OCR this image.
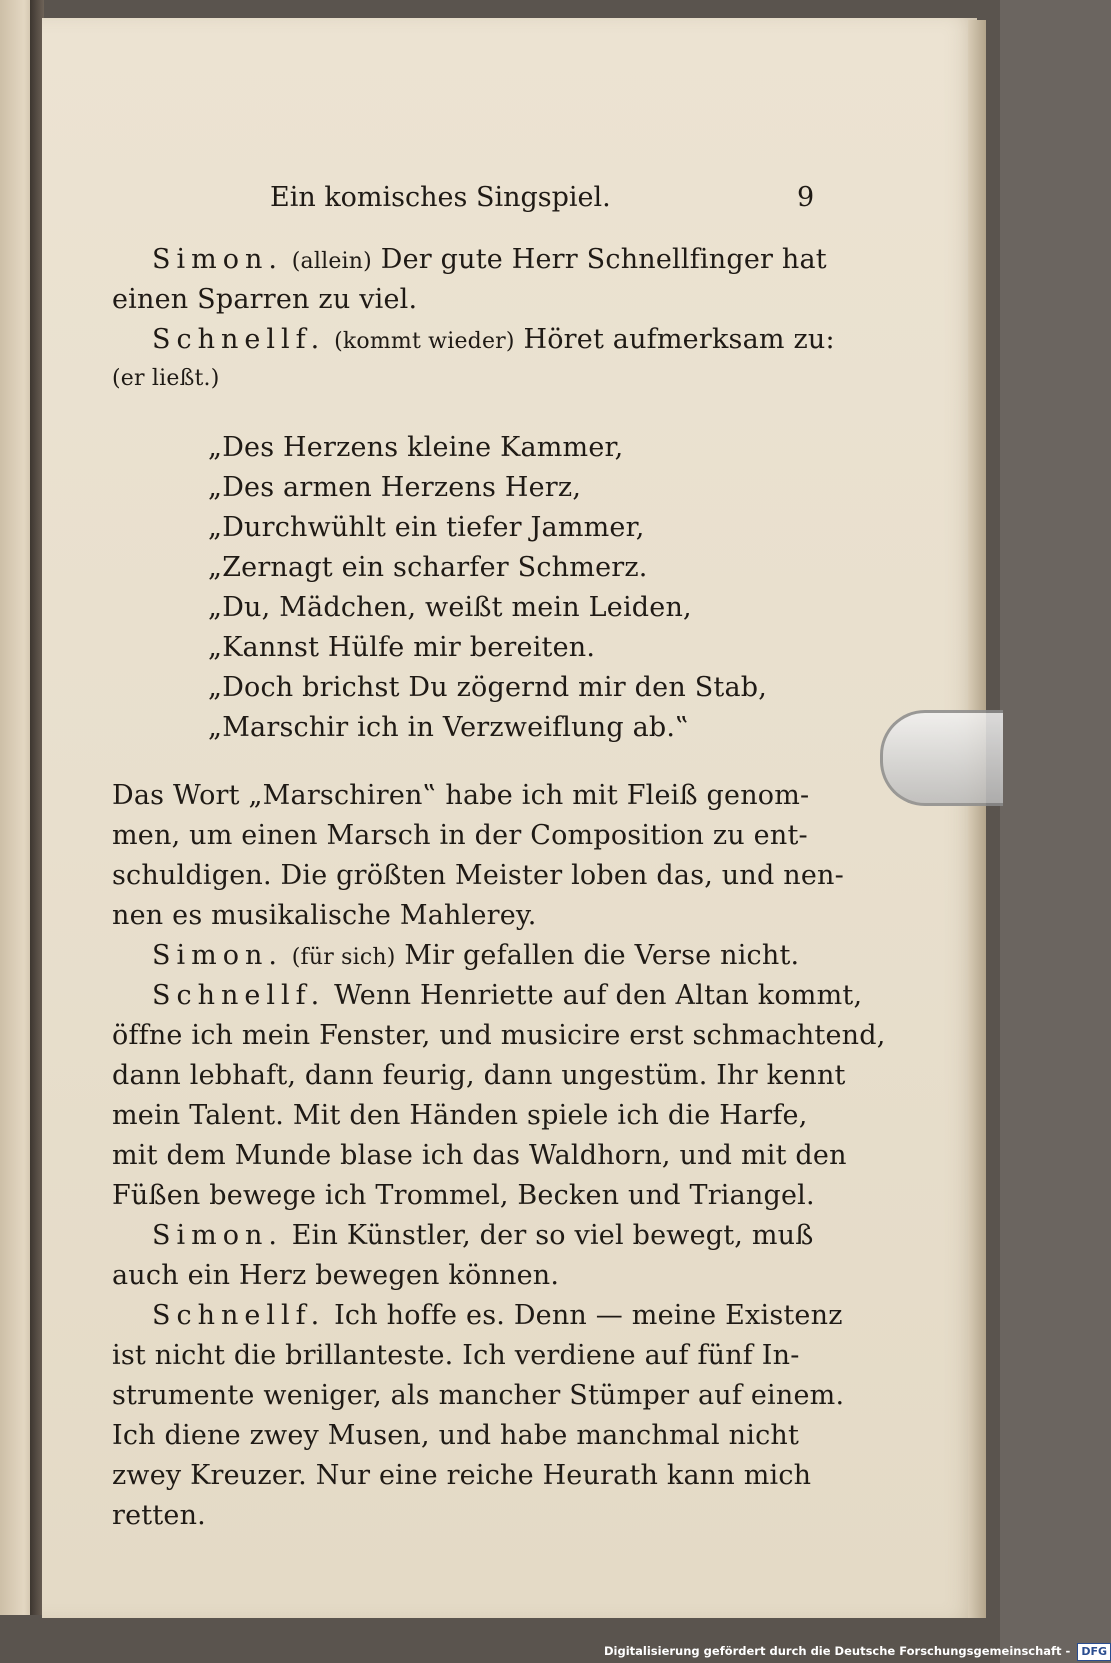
Ein komisches Singspiel.	9
Simon. (allein) Der gute Herr Schnellfinger hat
einen Sparren zu viel.
Schnellf. (kommt wieder) Höret aufmerksam zu:
(er ließt.)
„Des Herzens kleine Kammer,
„Des armen Herzens Herz,
„Durchwühlt ein tiefer Jammer,
„Zernagt ein scharfer Schmerz.
„Du, Mädchen, weißt mein Leiden,
„Kannst Hülfe mir bereiten.
„Doch brichst Du zögernd mir den Stab,
„Marschir ich in Verzweiflung ab.‟
Das Wort „Marschiren‟ habe ich mit Fleiß genom-
men, um einen Marsch in der Composition zu ent-
schuldigen. Die größten Meister loben das, und nen-
nen es musikalische Mahlerey.
Simon. (für sich) Mir gefallen die Verse nicht.
Schnellf. Wenn Henriette auf den Altan kommt,
öffne ich mein Fenster, und musicire erst schmachtend,
dann lebhaft, dann feurig, dann ungestüm. Ihr kennt
mein Talent. Mit den Händen spiele ich die Harfe,
mit dem Munde blase ich das Waldhorn, und mit den
Füßen bewege ich Trommel, Becken und Triangel.
Simon. Ein Künstler, der so viel bewegt, muß
auch ein Herz bewegen können.
Schnellf. Ich hoffe es. Denn — meine Existenz
ist nicht die brillanteste. Ich verdiene auf fünf In-
strumente weniger, als mancher Stümper auf einem.
Ich diene zwey Musen, und habe manchmal nicht
zwey Kreuzer. Nur eine reiche Heurath kann mich
retten.
Digitalisierung gefördert durch die Deutsche Forschungsgemeinschaft - DFG
